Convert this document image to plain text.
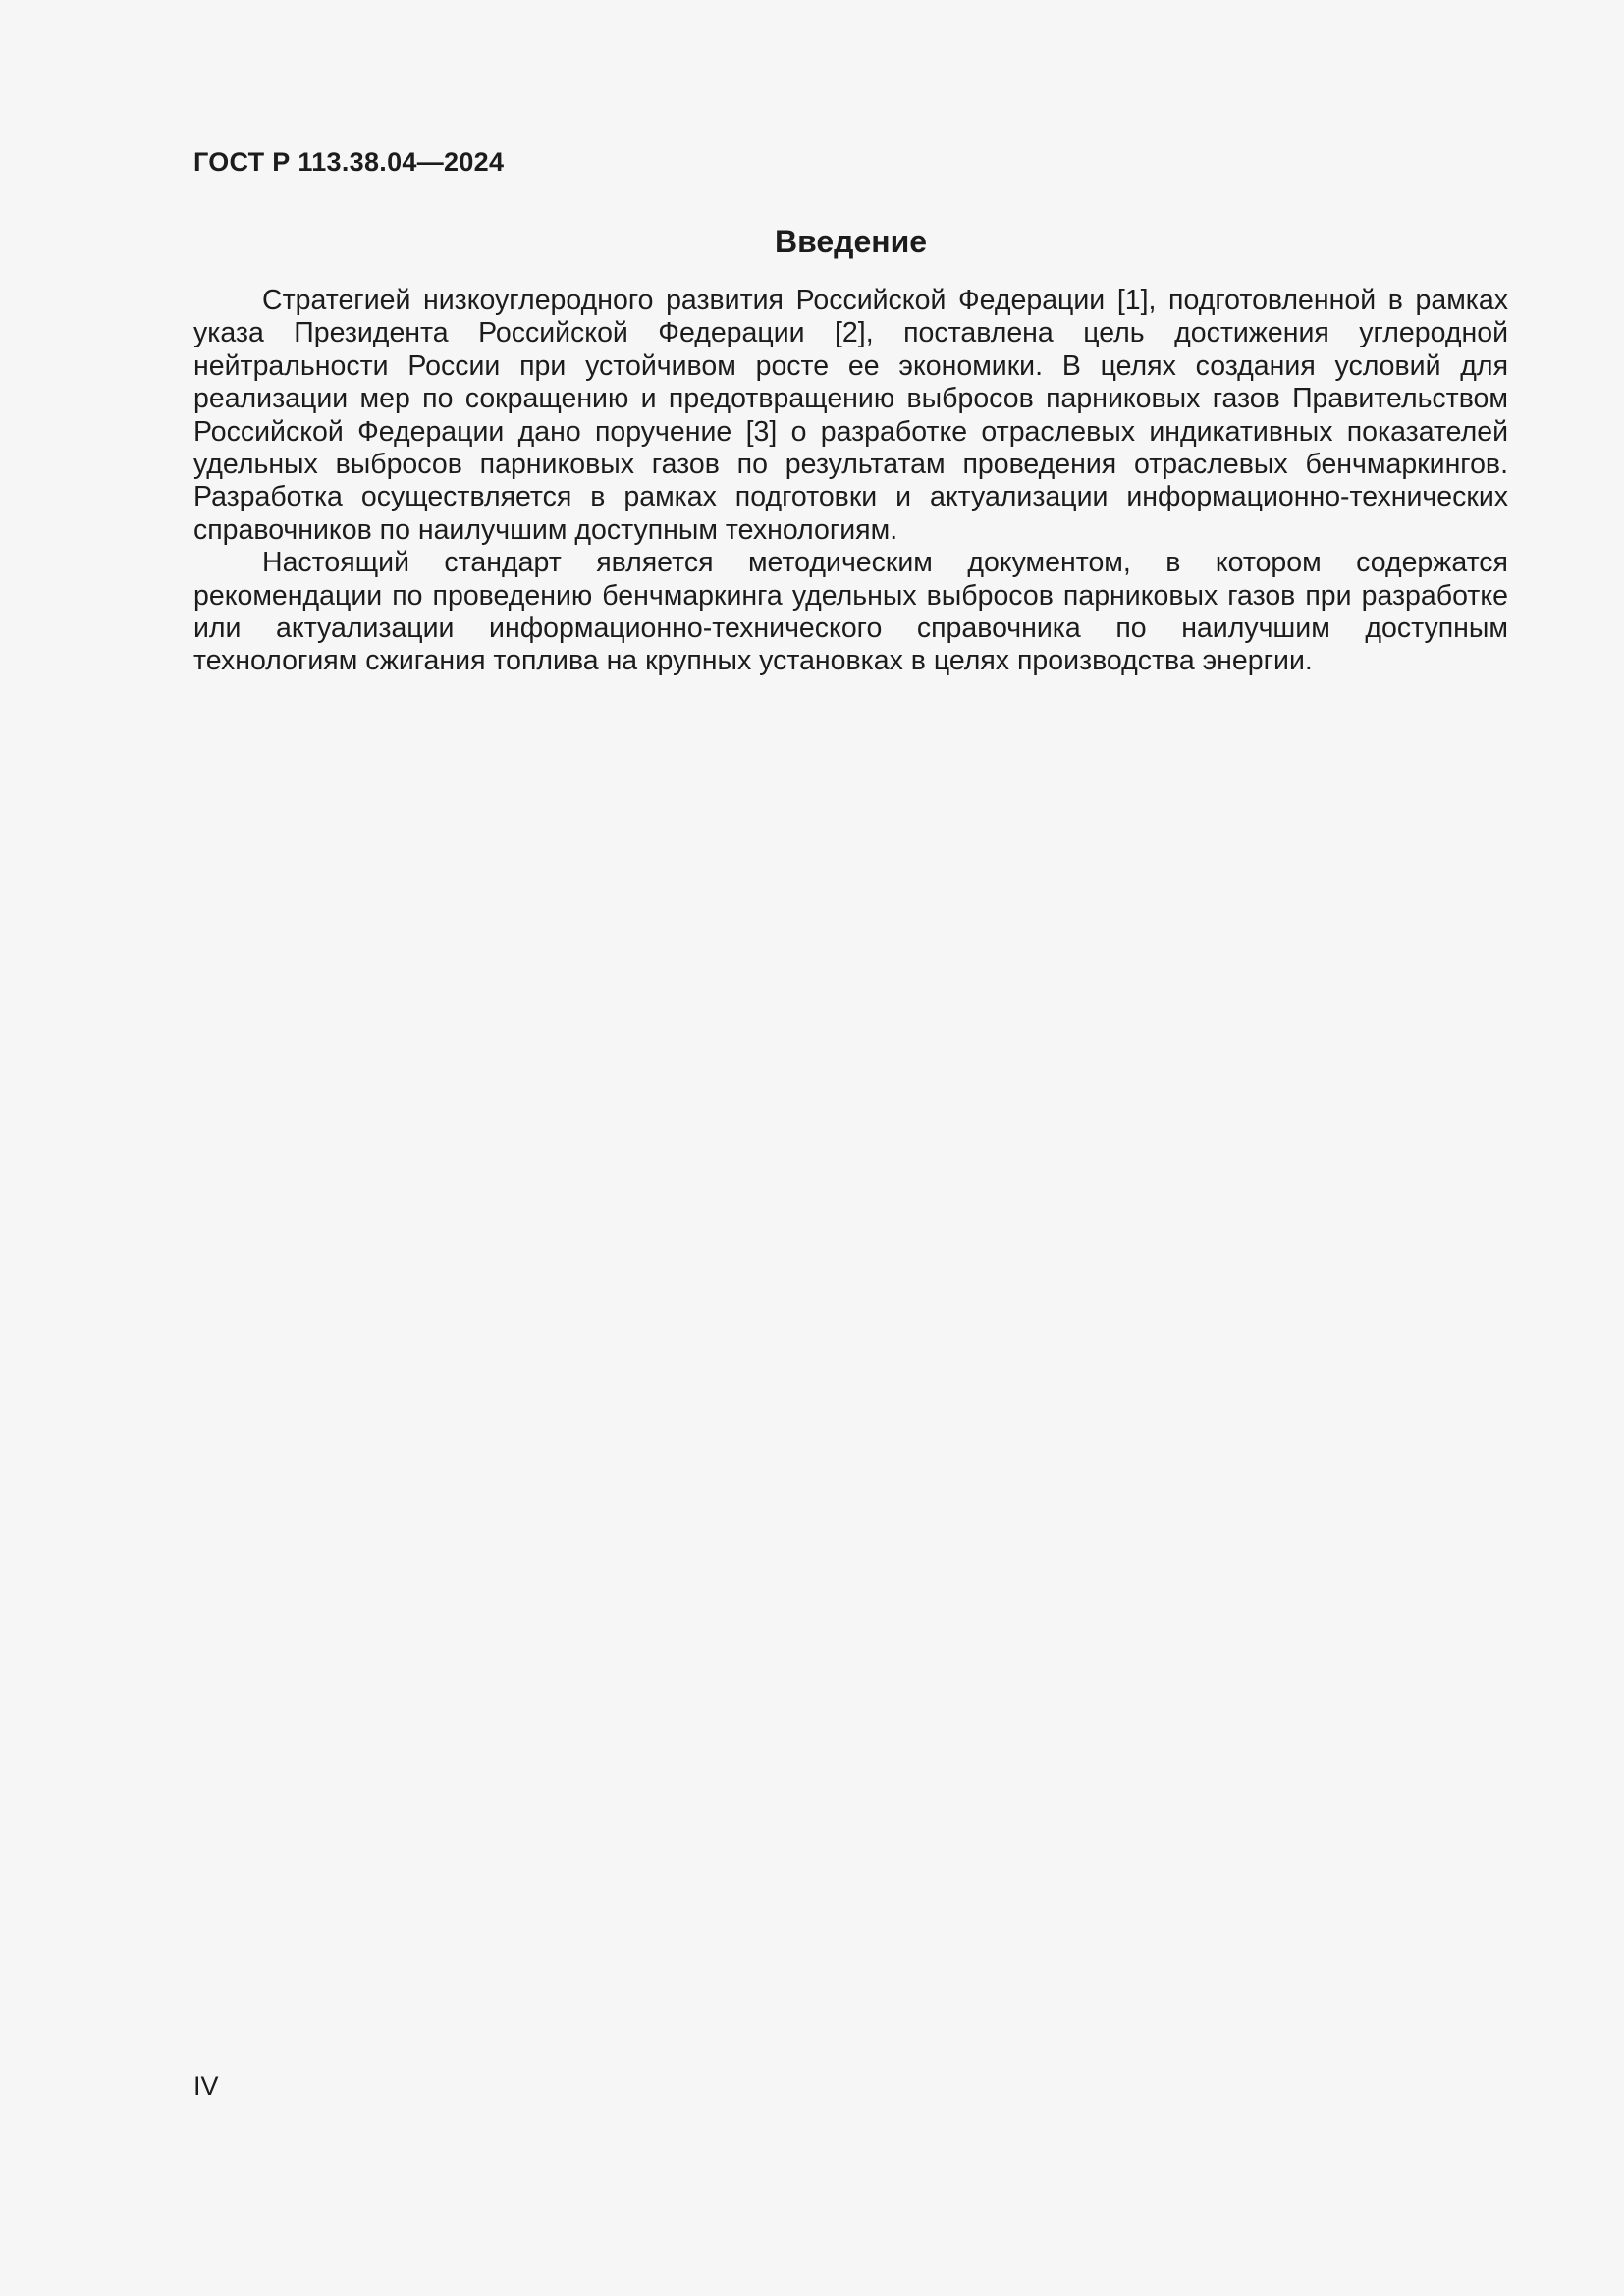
ГОСТ Р 113.38.04—2024
Введение

Стратегией низкоуглеродного развития Российской Федерации [1], подготовленной в рамках указа Президента Российской Федерации [2], поставлена цель достижения углеродной нейтральности России при устойчивом росте ее экономики. В целях создания условий для реализации мер по сокращению и предотвращению выбросов парниковых газов Правительством Российской Федерации дано поручение [3] о разработке отраслевых индикативных показателей удельных выбросов парниковых газов по результатам проведения отраслевых бенчмаркингов. Разработка осуществляется в рамках подготовки и актуализации информационно-технических справочников по наилучшим доступным технологиям.

Настоящий стандарт является методическим документом, в котором содержатся рекомендации по проведению бенчмаркинга удельных выбросов парниковых газов при разработке или актуализации информационно-технического справочника по наилучшим доступным технологиям сжигания топлива на крупных установках в целях производства энергии.

IV
